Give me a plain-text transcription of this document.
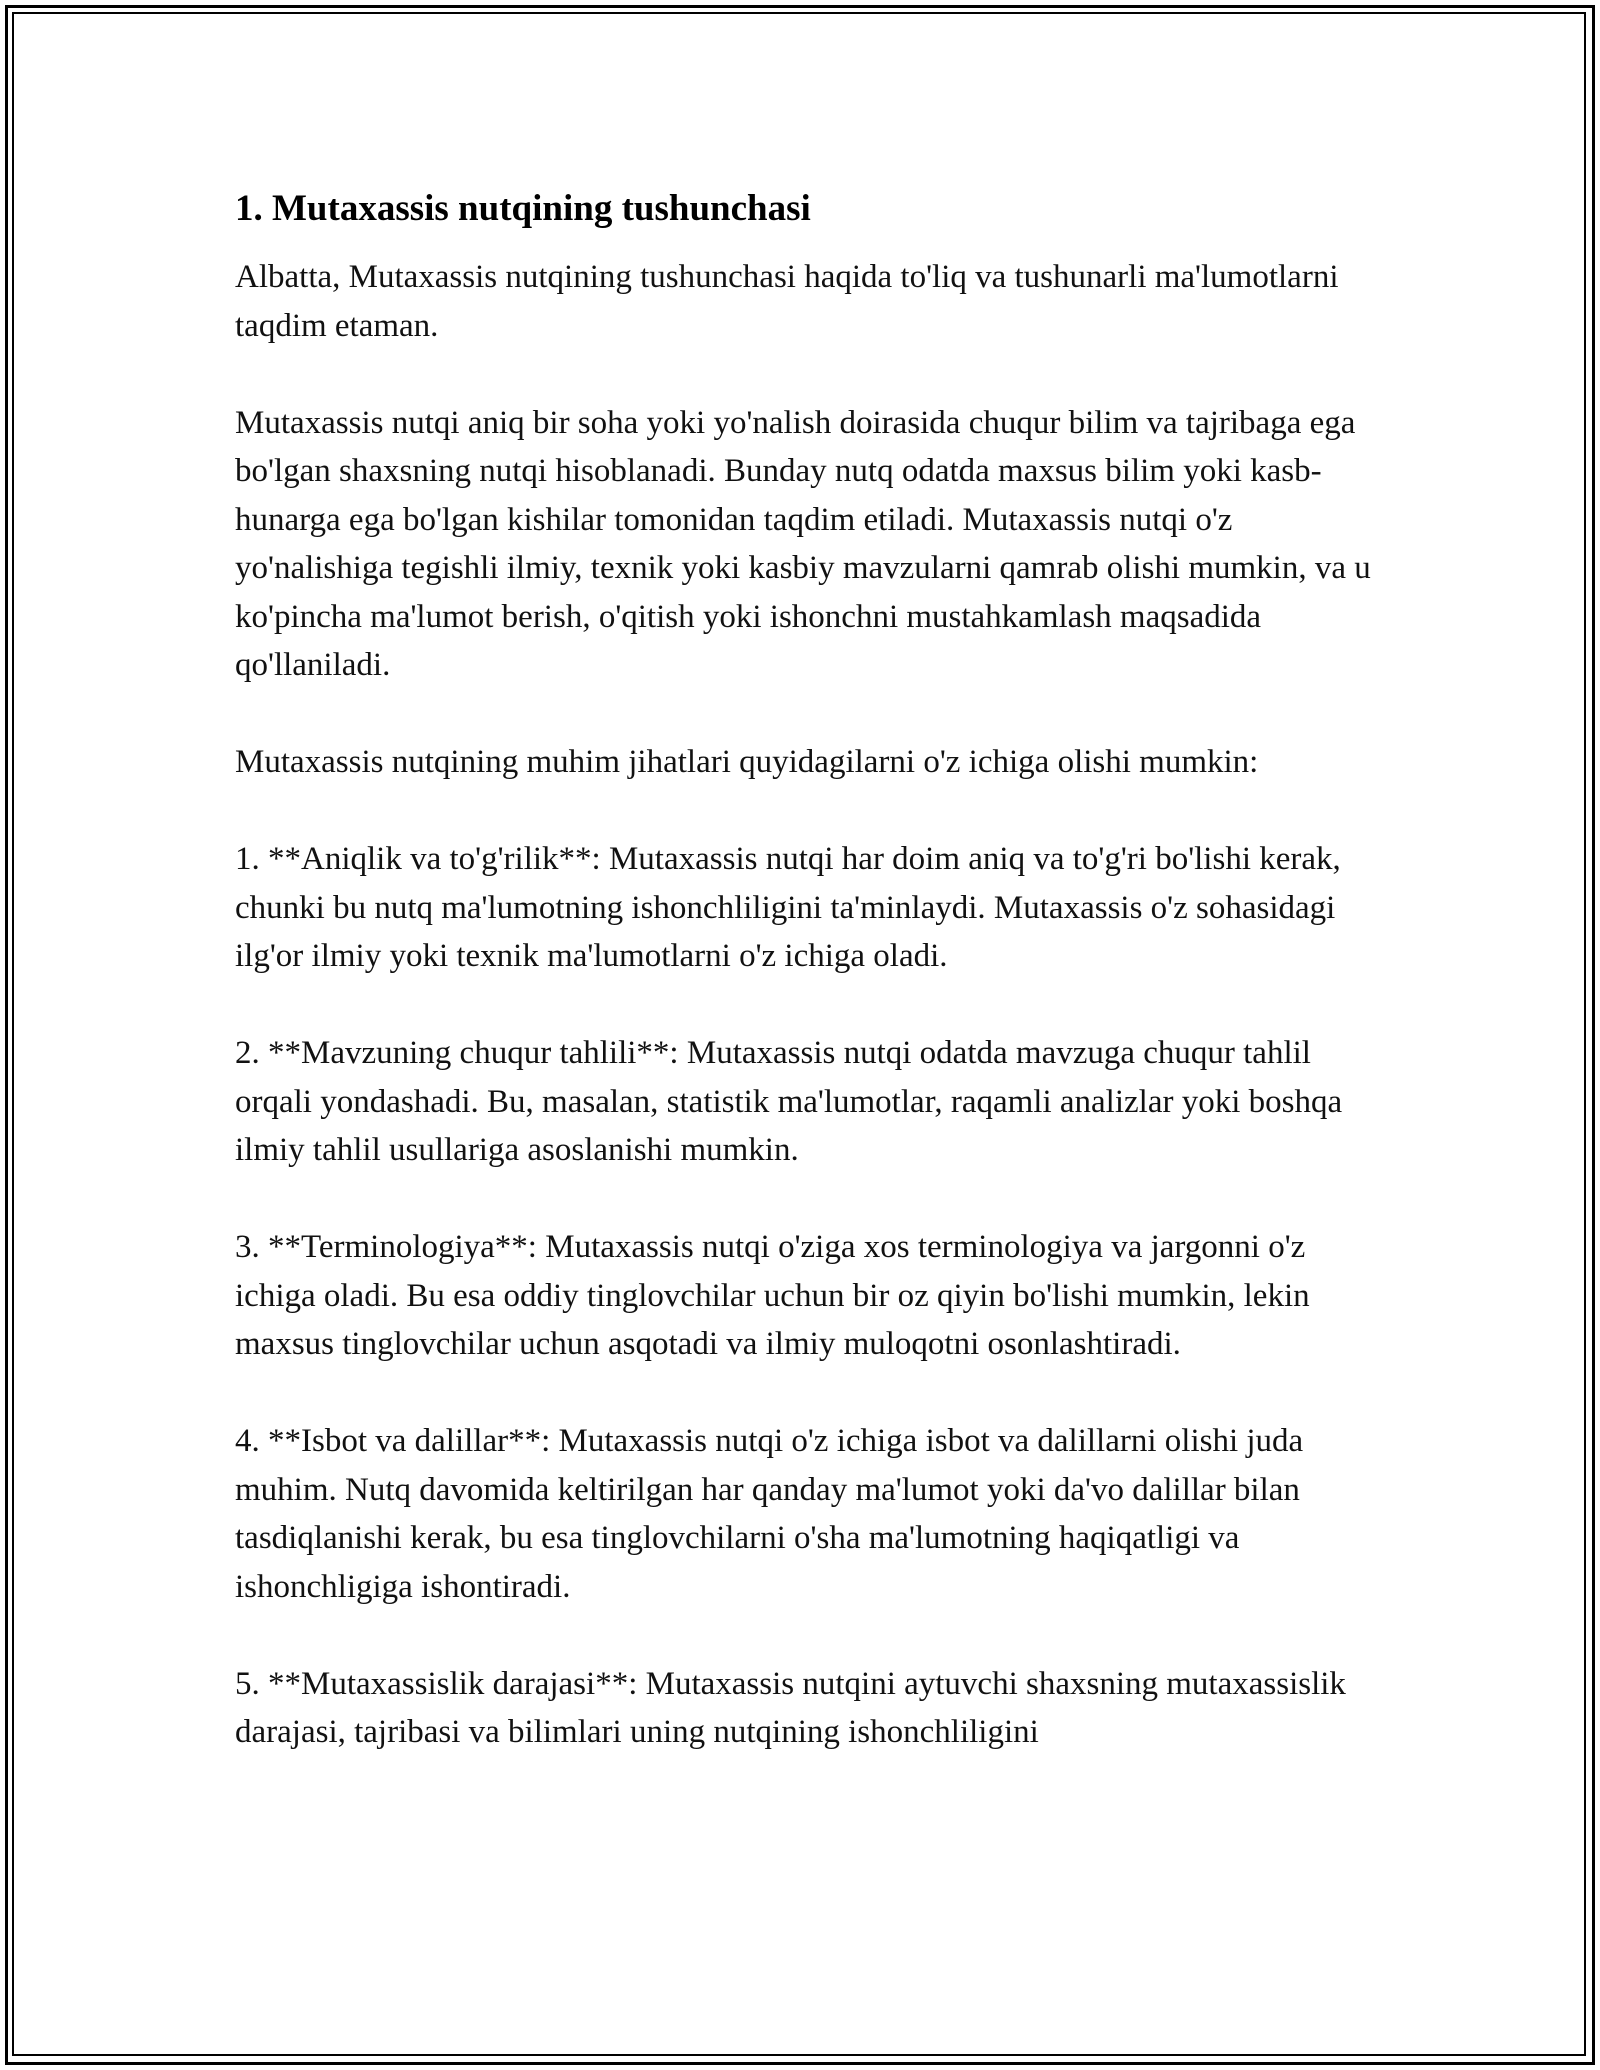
1. Mutaxassis nutqining tushunchasi

Albatta, Mutaxassis nutqining tushunchasi haqida to'liq va tushunarli ma'lumotlarni taqdim etaman.

Mutaxassis nutqi aniq bir soha yoki yo'nalish doirasida chuqur bilim va tajribaga ega bo'lgan shaxsning nutqi hisoblanadi. Bunday nutq odatda maxsus bilim yoki kasb-hunarga ega bo'lgan kishilar tomonidan taqdim etiladi. Mutaxassis nutqi o'z yo'nalishiga tegishli ilmiy, texnik yoki kasbiy mavzularni qamrab olishi mumkin, va u ko'pincha ma'lumot berish, o'qitish yoki ishonchni mustahkamlash maqsadida qo'llaniladi.

Mutaxassis nutqining muhim jihatlari quyidagilarni o'z ichiga olishi mumkin:

1. **Aniqlik va to'g'rilik**: Mutaxassis nutqi har doim aniq va to'g'ri bo'lishi kerak, chunki bu nutq ma'lumotning ishonchliligini ta'minlaydi. Mutaxassis o'z sohasidagi ilg'or ilmiy yoki texnik ma'lumotlarni o'z ichiga oladi.

2. **Mavzuning chuqur tahlili**: Mutaxassis nutqi odatda mavzuga chuqur tahlil orqali yondashadi. Bu, masalan, statistik ma'lumotlar, raqamli analizlar yoki boshqa ilmiy tahlil usullariga asoslanishi mumkin.

3. **Terminologiya**: Mutaxassis nutqi o'ziga xos terminologiya va jargonni o'z ichiga oladi. Bu esa oddiy tinglovchilar uchun bir oz qiyin bo'lishi mumkin, lekin maxsus tinglovchilar uchun asqotadi va ilmiy muloqotni osonlashtiradi.

4. **Isbot va dalillar**: Mutaxassis nutqi o'z ichiga isbot va dalillarni olishi juda muhim. Nutq davomida keltirilgan har qanday ma'lumot yoki da'vo dalillar bilan tasdiqlanishi kerak, bu esa tinglovchilarni o'sha ma'lumotning haqiqatligi va ishonchligiga ishontiradi.

5. **Mutaxassislik darajasi**: Mutaxassis nutqini aytuvchi shaxsning mutaxassislik darajasi, tajribasi va bilimlari uning nutqining ishonchliligini
